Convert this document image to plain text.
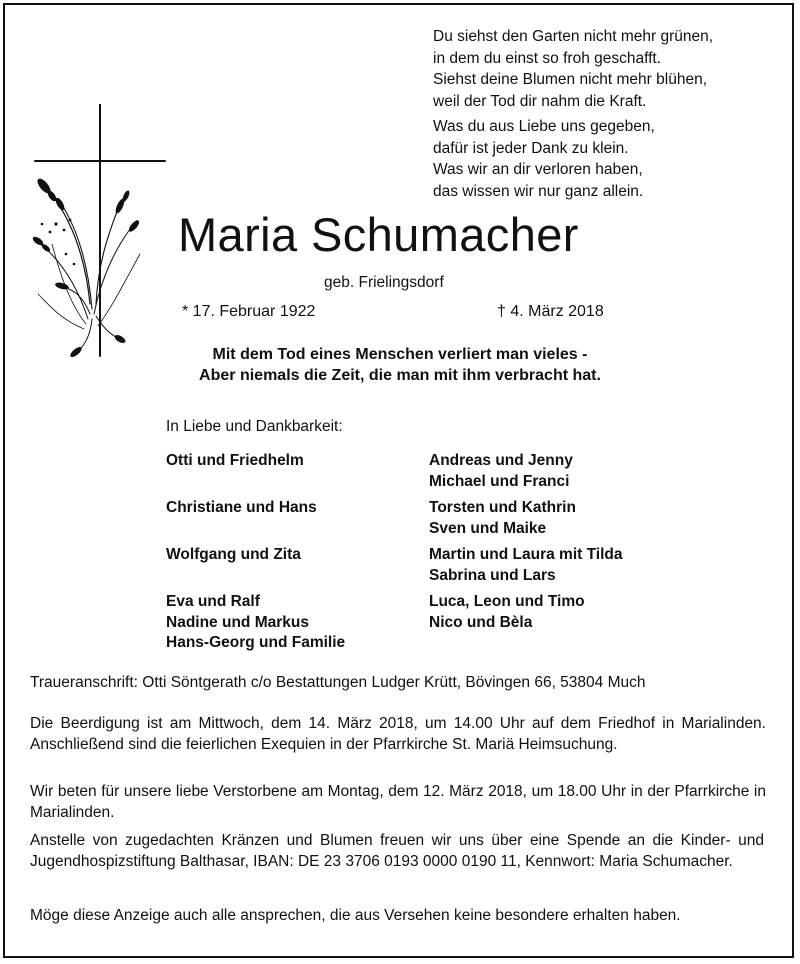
Du siehst den Garten nicht mehr grünen,

in dem du einst so froh geschafft.

Siehst deine Blumen nicht mehr blühen,

weil der Tod dir nahm die Kraft.

Was du aus Liebe uns gegeben,

dafür ist jeder Dank zu klein.

Was wir an dir verloren haben,

das wissen wir nur ganz allein.

Maria Schumacher
geb. Frielingsdorf
* 17. Februar 1922	† 4. März 2018

Mit dem Tod eines Menschen verliert man vieles -

Aber niemals die Zeit, die man mit ihm verbracht hat.

In Liebe und Dankbarkeit:
Otti und Friedhelm
Christiane und Hans
Wolfgang und Zita
Eva und Ralf
Nadine und Markus
Hans-Georg und Familie
Andreas und Jenny
Michael und Franci
Torsten und Kathrin
Sven und Maike
Martin und Laura mit Tilda
Sabrina und Lars
Luca, Leon und Timo
Nico und Bèla
Traueranschrift: Otti Söntgerath c/o Bestattungen Ludger Krütt, Bövingen 66, 53804 Much
Die Beerdigung ist am Mittwoch, dem 14. März 2018, um 14.00 Uhr auf dem Friedhof in Marialinden. Anschließend sind die feierlichen Exequien in der Pfarrkirche St. Mariä Heimsuchung.
Wir beten für unsere liebe Verstorbene am Montag, dem 12. März 2018, um 18.00 Uhr in der Pfarrkirche in Marialinden.
Anstelle von zugedachten Kränzen und Blumen freuen wir uns über eine Spende an die Kinder- und Jugendhospizstiftung Balthasar, IBAN: DE 23 3706 0193 0000 0190 11, Kennwort: Maria Schumacher.
Möge diese Anzeige auch alle ansprechen, die aus Versehen keine besondere erhalten haben.
